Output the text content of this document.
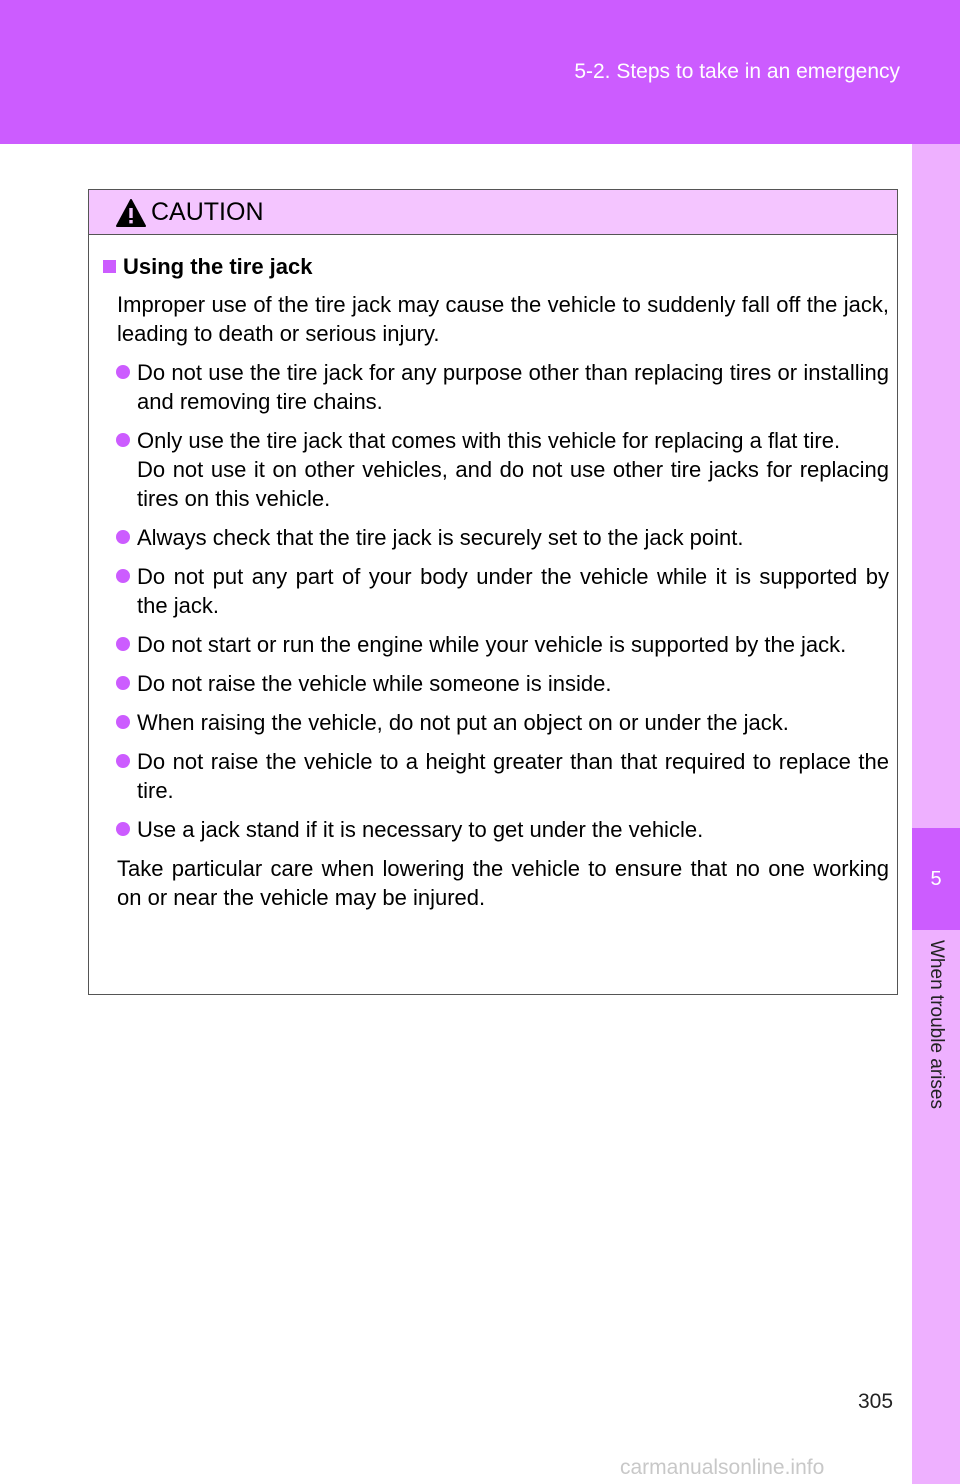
5-2. Steps to take in an emergency
5
When trouble arises
CAUTION
Using the tire jack
Improper use of the tire jack may cause the vehicle to suddenly fall off the jack, leading to death or serious injury.
Do not use the tire jack for any purpose other than replacing tires or installing and removing tire chains.
Only use the tire jack that comes with this vehicle for replacing a flat tire.
Do not use it on other vehicles, and do not use other tire jacks for replacing tires on this vehicle.
Always check that the tire jack is securely set to the jack point.
Do not put any part of your body under the vehicle while it is supported by the jack.
Do not start or run the engine while your vehicle is supported by the jack.
Do not raise the vehicle while someone is inside.
When raising the vehicle, do not put an object on or under the jack.
Do not raise the vehicle to a height greater than that required to replace the tire.
Use a jack stand if it is necessary to get under the vehicle.
Take particular care when lowering the vehicle to ensure that no one working on or near the vehicle may be injured.
305
carmanualsonline.info
